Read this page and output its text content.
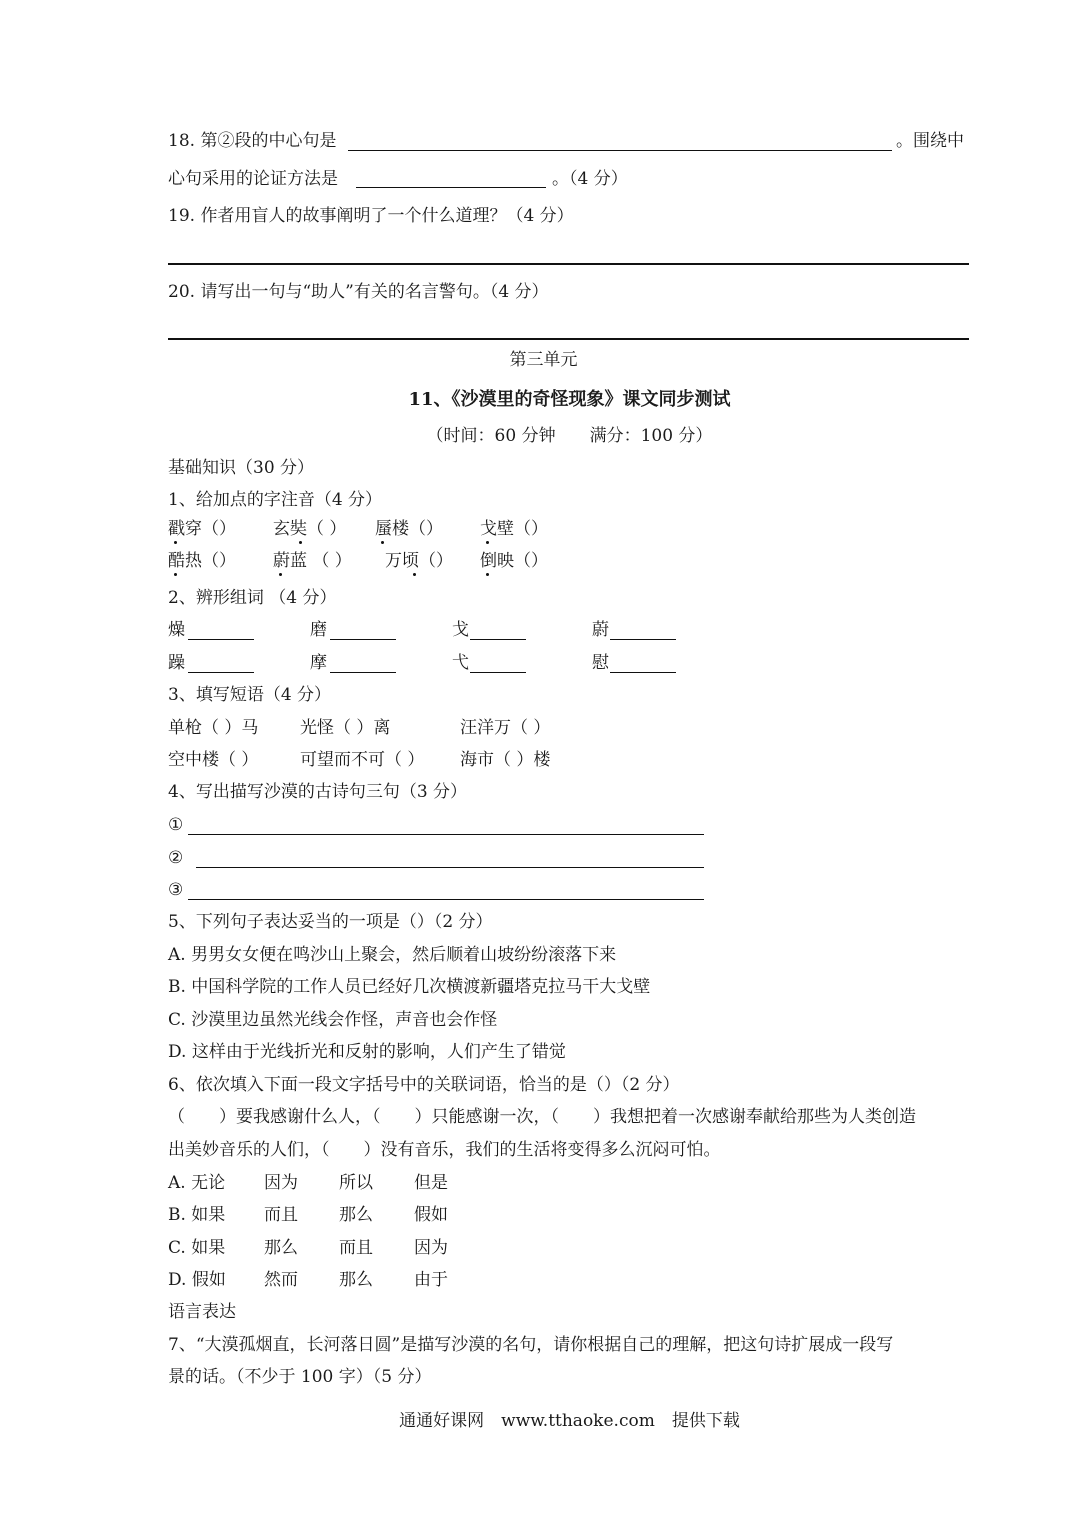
18. 第②段的中心句是	。围绕中
心句采用的论证方法是	。（4 分）
19. 作者用盲人的故事阐明了一个什么道理？（4 分）
20. 请写出一句与“助人”有关的名言警句。（4 分）
第三单元
11、《沙漠里的奇怪现象》课文同步测试
（时间：60 分钟　　满分：100 分）
基础知识（30 分）
1、给加点的字注音（4 分）
戳穿（） 玄奘（ ） 蜃楼（） 戈壁（）
酷热（） 蔚蓝 （ ） 万顷（） 倒映（）
2、辨形组词 （4 分）
燥	磨	戈	蔚
躁	摩	弋	慰
3、填写短语（4 分）
单枪（ ）马 光怪（ ）离	汪洋万（ ）
空中楼（ ） 可望而不可（ ） 海市（ ）楼
4、写出描写沙漠的古诗句三句（3 分）
①
②
③
5、下列句子表达妥当的一项是（）（2 分）
A. 男男女女便在鸣沙山上聚会，然后顺着山坡纷纷滚落下来
B. 中国科学院的工作人员已经好几次横渡新疆塔克拉马干大戈壁
C. 沙漠里边虽然光线会作怪，声音也会作怪
D. 这样由于光线折光和反射的影响，人们产生了错觉
6、依次填入下面一段文字括号中的关联词语，恰当的是（）（2 分）
（　　）要我感谢什么人，（　　）只能感谢一次，（　　）我想把着一次感谢奉献给那些为人类创造
出美妙音乐的人们，（　　）没有音乐，我们的生活将变得多么沉闷可怕。
A. 无论 因为 所以 但是
B. 如果 而且 那么 假如
C. 如果 那么 而且 因为
D. 假如 然而 那么 由于
语言表达
7、“大漠孤烟直，长河落日圆”是描写沙漠的名句，请你根据自己的理解，把这句诗扩展成一段写
景的话。（不少于 100 字）（5 分）
通通好课网　www.tthaoke.com　提供下载
